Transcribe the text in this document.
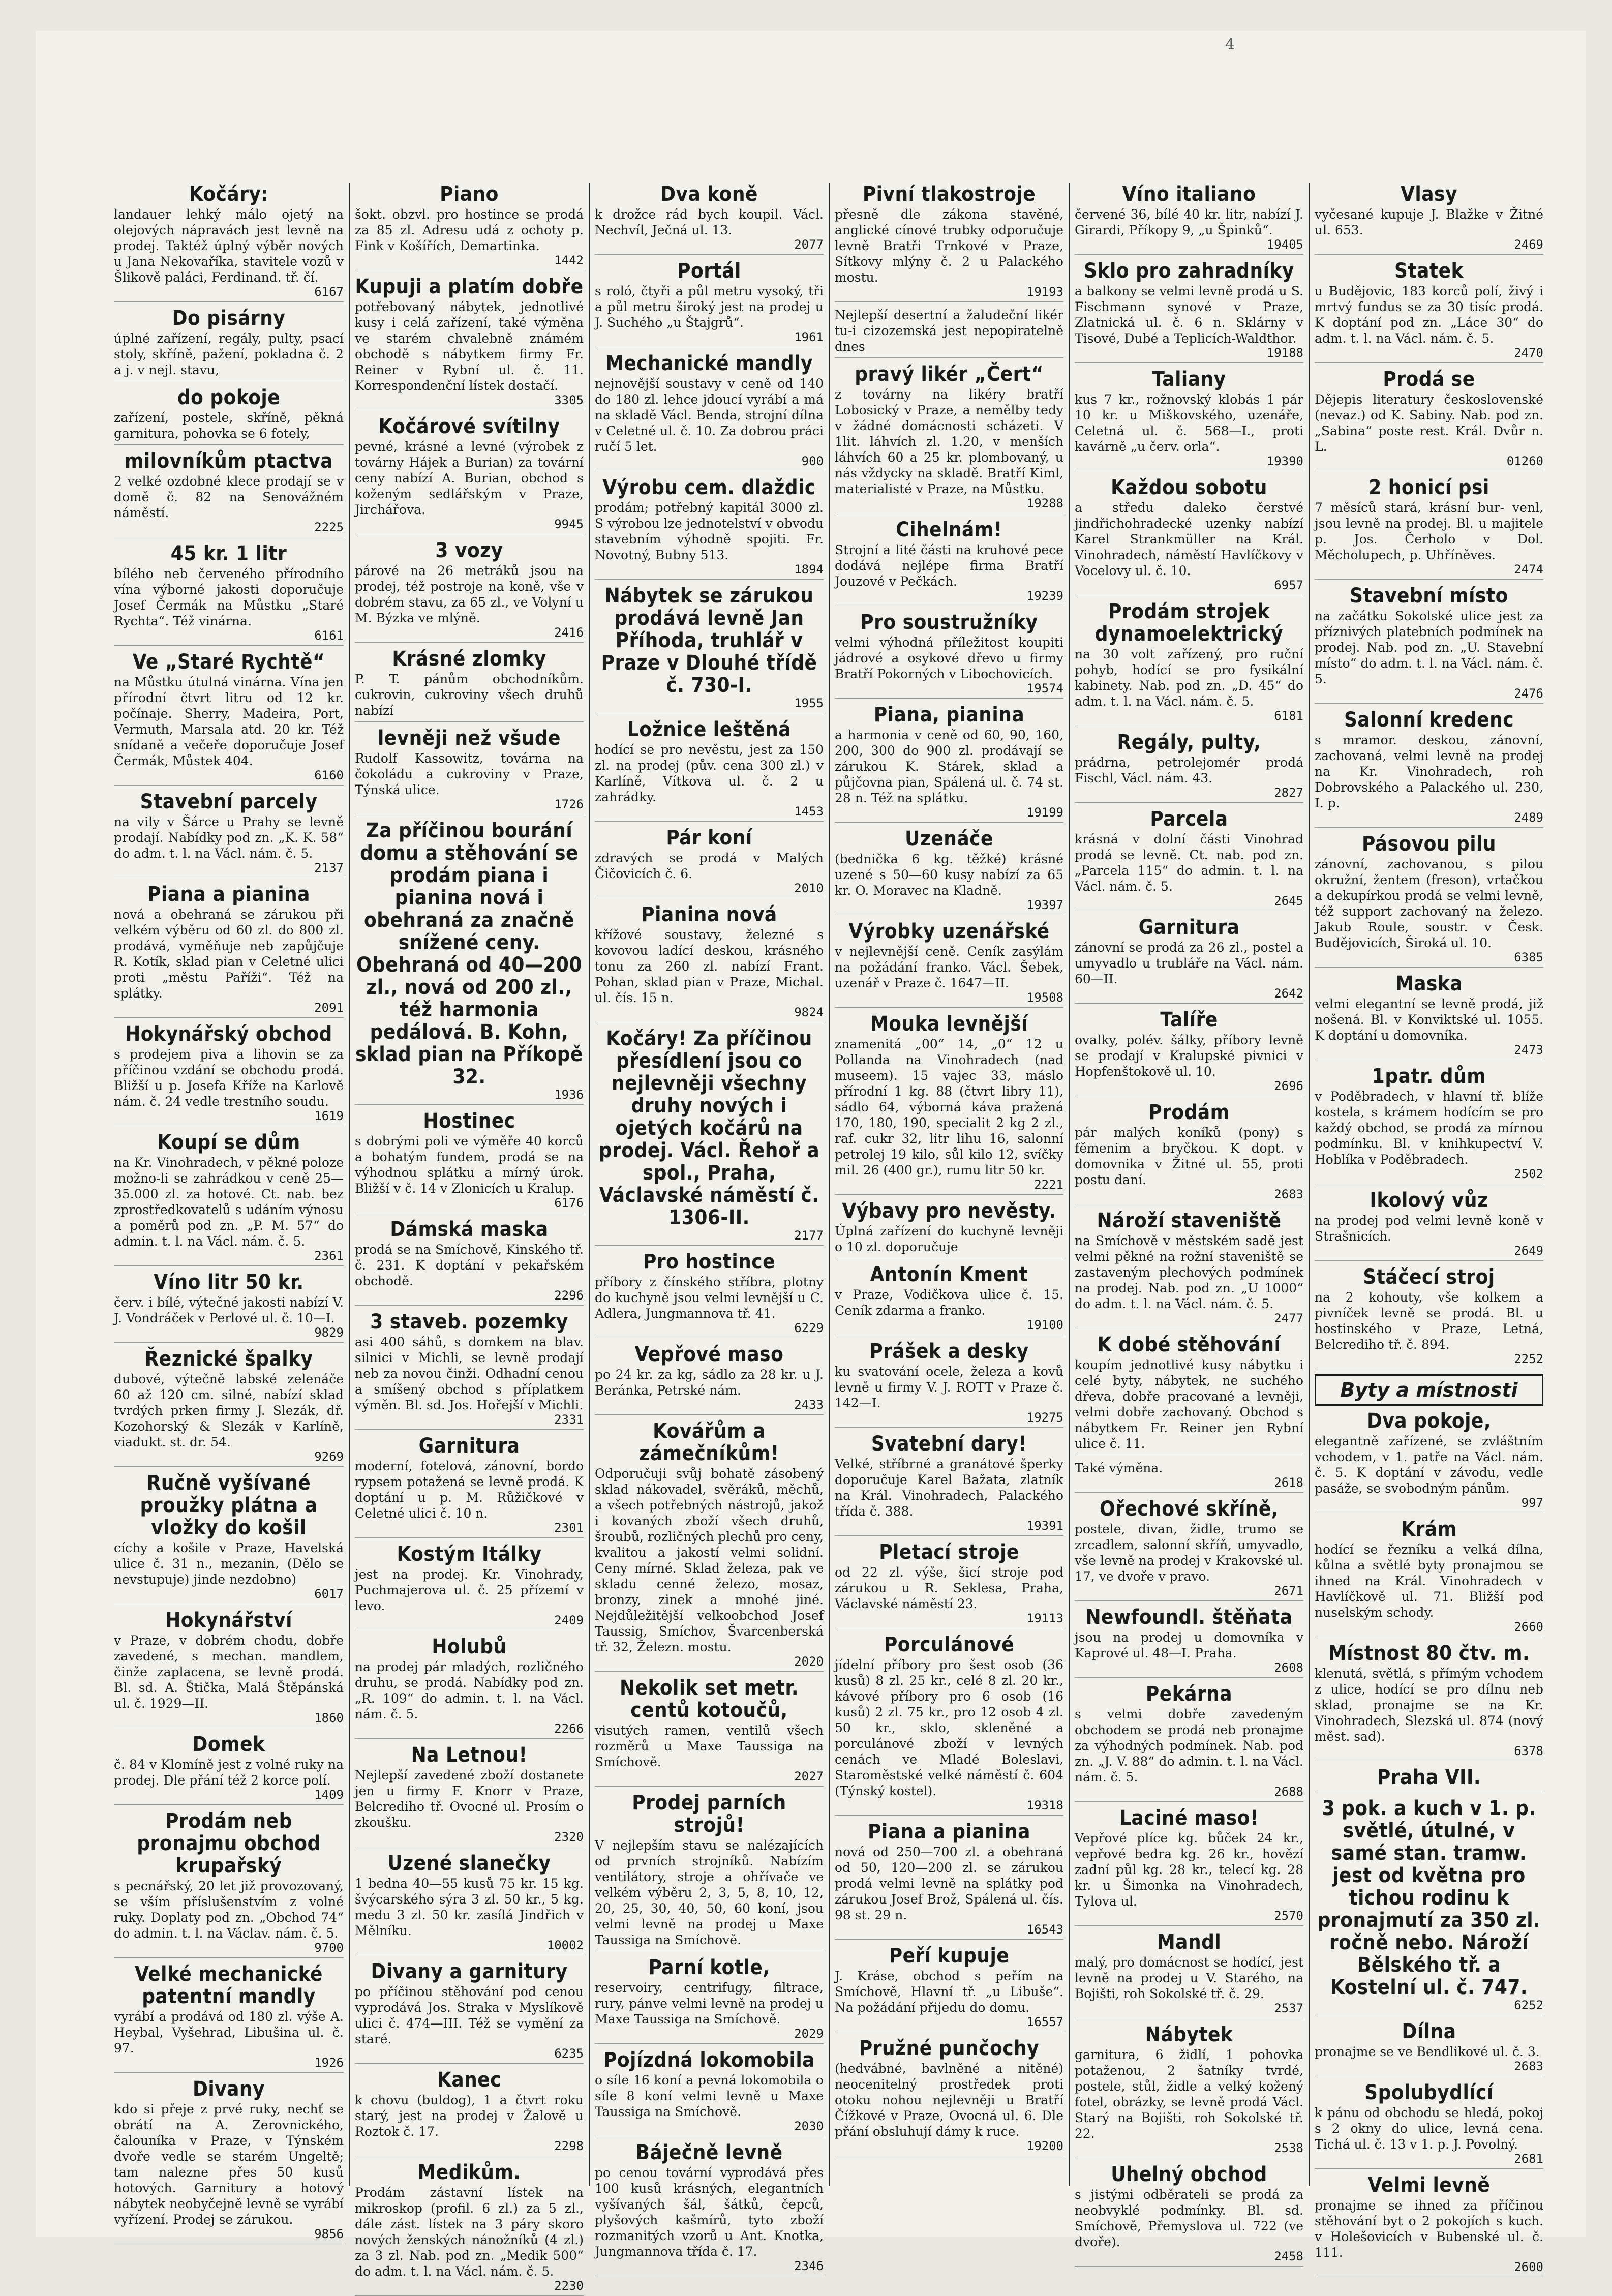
4
Kočáry:

landauer lehký málo ojetý na olejových nápravách jest levně na prodej. Taktéž úplný výběr nových u Jana Nekovaříka, stavitele vozů v Šlikově paláci, Ferdinand. tř. čí.

6167
Do pisárny

úplné zařízení, regály, pulty, psací stoly, skříně, pažení, pokladna č. 2 a j. v nejl. stavu,

do pokoje

zařízení, postele, skříně, pěkná garnitura, pohovka se 6 fotely,

milovníkům ptactva

2 velké ozdobné klece prodají se v domě č. 82 na Senovážném náměstí.

2225
45 kr. 1 litr

bílého neb červeného přírodního vína výborné jakosti doporučuje Josef Čermák na Můstku „Staré Rychta“. Též vinárna.

6161
Ve „Staré Rychtě“

na Můstku útulná vinárna. Vína jen přírodní čtvrt litru od 12 kr. počínaje. Sherry, Madeira, Port, Vermuth, Marsala atd. 20 kr. Též snídaně a večeře doporučuje Josef Čermák, Můstek 404.

6160
Stavební parcely

na vily v Šárce u Prahy se levně prodají. Nabídky pod zn. „K. K. 58“ do adm. t. l. na Václ. nám. č. 5.

2137
Piana a pianina

nová a obehraná se zárukou při velkém výběru od 60 zl. do 800 zl. prodává, vyměňuje neb zapůjčuje R. Kotík, sklad pian v Celetné ulici proti „městu Paříži“. Též na splátky.

2091
Hokynářský obchod

s prodejem piva a lihovin se za příčinou vzdání se obchodu prodá. Bližší u p. Josefa Kříže na Karlově nám. č. 24 vedle trestního soudu.

1619
Koupí se dům

na Kr. Vinohradech, v pěkné poloze možno-li se zahrádkou v ceně 25—35.000 zl. za hotové. Ct. nab. bez zprostředkovatelů s udáním výnosu a poměrů pod zn. „P. M. 57“ do admin. t. l. na Václ. nám. č. 5.

2361
Víno litr 50 kr.

červ. i bílé, výtečné jakosti nabízí V. J. Vondráček v Perlové ul. č. 10—I.

9829
Řeznické špalky

dubové, výtečně labské zelenáče 60 až 120 cm. silné, nabízí sklad tvrdých prken firmy J. Slezák, dř. Kozohorský & Slezák v Karlíně, viadukt. st. dr. 54.

9269
Ručně vyšívané proužky plátna a vložky do košil

cíchy a košile v Praze, Havelská ulice č. 31 n., mezanin, (Dělo se nevstupuje) jinde nezdobno)

6017
Hokynářství

v Praze, v dobrém chodu, dobře zavedené, s mechan. mandlem, činže zaplacena, se levně prodá. Bl. sd. A. Štička, Malá Štěpánská ul. č. 1929—II.

1860
Domek

č. 84 v Klomíně jest z volné ruky na prodej. Dle přání též 2 korce polí.

1409
Prodám neb pronajmu obchod krupařský

s pecnářský, 20 let již provozovaný, se vším příslušenstvím z volné ruky. Doplaty pod zn. „Obchod 74“ do admin. t. l. na Václav. nám. č. 5.

9700
Velké mechanické patentní mandly

vyrábí a prodává od 180 zl. výše A. Heybal, Vyšehrad, Libušina ul. č. 97.

1926
Divany

kdo si přeje z prvé ruky, nechť se obrátí na A. Zerovnického, čalouníka v Praze, v Týnském dvoře vedle se starém Ungeltě; tam nalezne přes 50 kusů hotových. Garnitury a hotový nábytek neobyčejně levně se vyrábí vyřízení. Prodej se zárukou.

9856
Piano

šokt. obzvl. pro hostince se prodá za 85 zl. Adresu udá z ochoty p. Fink v Košířích, Demartinka.

1442
Kupuji a platím dobře

potřebovaný nábytek, jednotlivé kusy i celá zařízení, také výměna ve starém chvalebně známém obchodě s nábytkem firmy Fr. Reiner v Rybní ul. č. 11. Korrespondenční lístek dostačí.

3305
Kočárové svítilny

pevné, krásné a levné (výrobek z továrny Hájek a Burian) za tovární ceny nabízí A. Burian, obchod s koženým sedlářským v Praze, Jirchářova.

9945
3 vozy

párové na 26 metráků jsou na prodej, též postroje na koně, vše v dobrém stavu, za 65 zl., ve Volyní u M. Býzka ve mlýně.

2416
Krásné zlomky

P. T. pánům obchodníkům. cukrovin, cukroviny všech druhů nabízí

levněji než všude

Rudolf Kassowitz, továrna na čokoládu a cukroviny v Praze, Týnská ulice.

1726
Za příčinou bourání domu a stěhování se prodám piana i pianina nová i obehraná za značně snížené ceny. Obehraná od 40—200 zl., nová od 200 zl., též harmonia pedálová. B. Kohn, sklad pian na Příkopě 32.
1936
Hostinec

s dobrými poli ve výměře 40 korců a bohatým fundem, prodá se na výhodnou splátku a mírný úrok. Bližší v č. 14 v Zlonicích u Kralup.

6176
Dámská maska

prodá se na Smíchově, Kinského tř. č. 231. K doptání v pekařském obchodě.

2296
3 staveb. pozemky

asi 400 sáhů, s domkem na blav. silnici v Michli, se levně prodají neb za novou činži. Odhadní cenou a smíšený obchod s příplatkem výměn. Bl. sd. Jos. Hořejší v Michli.

2331
Garnitura

moderní, fotelová, zánovní, bordo rypsem potažená se levně prodá. K doptání u p. M. Růžičkové v Celetné ulici č. 10 n.

2301
Kostým Itálky

jest na prodej. Kr. Vinohrady, Puchmajerova ul. č. 25 přízemí v levo.

2409
Holubů

na prodej pár mladých, rozličného druhu, se prodá. Nabídky pod zn. „R. 109“ do admin. t. l. na Václ. nám. č. 5.

2266
Na Letnou!

Nejlepší zavedené zboží dostanete jen u firmy F. Knorr v Praze, Belcrediho tř. Ovocné ul. Prosím o zkoušku.

2320
Uzené slanečky

1 bedna 40—55 kusů 75 kr. 15 kg. švýcarského sýra 3 zl. 50 kr., 5 kg. medu 3 zl. 50 kr. zasílá Jindřich v Mělníku.

10002
Divany a garnitury

po příčinou stěhování pod cenou vyprodává Jos. Straka v Myslíkově ulici č. 474—III. Též se vymění za staré.

6235
Kanec

k chovu (buldog), 1 a čtvrt roku starý, jest na prodej v Žalově u Roztok č. 17.

2298
Medikům.

Prodám zástavní lístek na mikroskop (profil. 6 zl.) za 5 zl., dále zást. lístek na 3 páry skoro nových ženských nánožníků (4 zl.) za 3 zl. Nab. pod zn. „Medik 500“ do adm. t. l. na Václ. nám. č. 5.

2230
Dva koně

k drožce rád bych koupil. Václ. Nechvíl, Ječná ul. 13.

2077
Portál

s roló, čtyři a půl metru vysoký, tři a půl metru široký jest na prodej u J. Suchého „u Štajgrů“.

1961
Mechanické mandly

nejnovější soustavy v ceně od 140 do 180 zl. lehce jdoucí vyrábí a má na skladě Václ. Benda, strojní dílna v Celetné ul. č. 10. Za dobrou práci ručí 5 let.

900
Výrobu cem. dlaždic

prodám; potřebný kapitál 3000 zl. S výrobou lze jednotelství v obvodu stavebním výhodně spojiti. Fr. Novotný, Bubny 513.

1894
Nábytek se zárukou prodává levně Jan Příhoda, truhlář v Praze v Dlouhé třídě č. 730-I.
1955
Ložnice leštěná

hodící se pro nevěstu, jest za 150 zl. na prodej (pův. cena 300 zl.) v Karlíně, Vítkova ul. č. 2 u zahrádky.

1453
Pár koní

zdravých se prodá v Malých Čičovicích č. 6.

2010
Pianina nová

křížové soustavy, železné s kovovou ladící deskou, krásného tonu za 260 zl. nabízí Frant. Pohan, sklad pian v Praze, Michal. ul. čís. 15 n.

9824
Kočáry! Za příčinou přesídlení jsou co nejlevněji všechny druhy nových i ojetých kočárů na prodej. Václ. Řehoř a spol., Praha, Václavské náměstí č. 1306-II.
2177
Pro hostince

příbory z čínského stříbra, plotny do kuchyně jsou velmi levnější u C. Adlera, Jungmannova tř. 41.

6229
Vepřové maso

po 24 kr. za kg, sádlo za 28 kr. u J. Beránka, Petrské nám.

2433
Kovářům a zámečníkům!

Odporučuji svůj bohatě zásobený sklad nákovadel, svěráků, měchů, a všech potřebných nástrojů, jakož i kovaných zboží všech druhů, šroubů, rozličných plechů pro ceny, kvalitou a jakostí velmi solidní. Ceny mírné. Sklad železa, pak ve skladu cenné železo, mosaz, bronzy, zinek a mnohé jiné. Nejdůležitější velkoobchod Josef Taussig, Smíchov, Švarcenberská tř. 32, Železn. mostu.

2020
Nekolik set metr. centů kotoučů,

visutých ramen, ventilů všech rozměrů u Maxe Taussiga na Smíchově.

2027
Prodej parních strojů!

V nejlepším stavu se nalézajících od prvních strojníků. Nabízím ventilátory, stroje a ohřívače ve velkém výběru 2, 3, 5, 8, 10, 12, 20, 25, 30, 40, 50, 60 koní, jsou velmi levně na prodej u Maxe Taussiga na Smíchově.

Parní kotle,

reservoiry, centrifugy, filtrace, rury, pánve velmi levně na prodej u Maxe Taussiga na Smíchově.

2029
Pojízdná lokomobila

o síle 16 koní a pevná lokomobila o síle 8 koní velmi levně u Maxe Taussiga na Smíchově.

2030
Báječně levně

po cenou tovární vyprodává přes 100 kusů krásných, elegantních vyšívaných šál, šátků, čepců, plyšových kašmírů, tyto zboží rozmanitých vzorů u Ant. Knotka, Jungmannova třída č. 17.

2346
Pivní tlakostroje

přesně dle zákona stavěné, anglické cínové trubky odporučuje levně Bratři Trnkové v Praze, Sítkovy mlýny č. 2 u Palackého mostu.

19193

Nejlepší desertní a žaludeční likér tu-i cizozemská jest nepopiratelně dnes

pravý likér „Čert“

z továrny na likéry bratří Lobosický v Praze, a nemělby tedy v žádné domácnosti scházeti. V 1lit. láhvích zl. 1.20, v menších láhvích 60 a 25 kr. plombovaný, u nás vždycky na skladě. Bratří Kiml, materialisté v Praze, na Můstku.

19288
Cihelnám!

Strojní a lité části na kruhové pece dodává nejlépe firma Bratří Jouzové v Pečkách.

19239
Pro soustružníky

velmi výhodná příležitost koupiti jádrové a osykové dřevo u firmy Bratří Pokorných v Libochovicích.

19574
Piana, pianina

a harmonia v ceně od 60, 90, 160, 200, 300 do 900 zl. prodávají se zárukou K. Stárek, sklad a půjčovna pian, Spálená ul. č. 74 st. 28 n. Též na splátku.

19199
Uzenáče

(bednička 6 kg. těžké) krásné uzené s 50—60 kusy nabízí za 65 kr. O. Moravec na Kladně.

19397
Výrobky uzenářské

v nejlevnější ceně. Ceník zasýlám na požádání franko. Václ. Šebek, uzenář v Praze č. 1647—II.

19508
Mouka levnější

znamenitá „00“ 14, „0“ 12 u Pollanda na Vinohradech (nad museem). 15 vajec 33, máslo přírodní 1 kg. 88 (čtvrt libry 11), sádlo 64, výborná káva pražená 170, 180, 190, specialit 2 kg 2 zl., raf. cukr 32, litr lihu 16, salonní petrolej 19 kilo, sůl kilo 12, svíčky mil. 26 (400 gr.), rumu litr 50 kr.

2221
Výbavy pro nevěsty.

Úplná zařízení do kuchyně levněji o 10 zl. doporučuje

Antonín Kment

v Praze, Vodičkova ulice č. 15. Ceník zdarma a franko.

19100
Prášek a desky

ku svatování ocele, železa a kovů levně u firmy V. J. ROTT v Praze č. 142—I.

19275
Svatební dary!

Velké, stříbrné a granátové šperky doporučuje Karel Bažata, zlatník na Král. Vinohradech, Palackého třída č. 388.

19391
Pletací stroje

od 22 zl. výše, šicí stroje pod zárukou u R. Seklesa, Praha, Václavské náměstí 23.

19113
Porculánové

jídelní příbory pro šest osob (36 kusů) 8 zl. 25 kr., celé 8 zl. 20 kr., kávové příbory pro 6 osob (16 kusů) 2 zl. 75 kr., pro 12 osob 4 zl. 50 kr., sklo, skleněné a porculánové zboží v levných cenách ve Mladé Boleslavi, Staroměstské velké náměstí č. 604 (Týnský kostel).

19318
Piana a pianina

nová od 250—700 zl. a obehraná od 50, 120—200 zl. se zárukou prodá velmi levně na splátky pod zárukou Josef Brož, Spálená ul. čís. 98 st. 29 n.

16543
Peří kupuje

J. Kráse, obchod s peřím na Smíchově, Hlavní tř. „u Libuše“. Na požádání přijedu do domu.

16557
Pružné punčochy

(hedvábné, bavlněné a nitěné) neocenitelný prostředek proti otoku nohou nejlevněji u Bratří Čížkové v Praze, Ovocná ul. 6. Dle přání obsluhují dámy k ruce.

19200
Víno italiano

červené 36, bílé 40 kr. litr, nabízí J. Girardi, Příkopy 9, „u Špinků“.

19405
Sklo pro zahradníky

a balkony se velmi levně prodá u S. Fischmann synové v Praze, Zlatnická ul. č. 6 n. Sklárny v Tisové, Dubé a Teplicích-Waldthor.

19188
Taliany

kus 7 kr., rožnovský klobás 1 pár 10 kr. u Miškovského, uzenáře, Celetná ul. č. 568—I., proti kavárně „u červ. orla“.

19390
Každou sobotu

a středu daleko čerstvé jindřichohradecké uzenky nabízí Karel Strankmüller na Král. Vinohradech, náměstí Havlíčkovy v Vocelovy ul. č. 10.

6957
Prodám strojek dynamoelektrický

na 30 volt zařízený, pro ruční pohyb, hodící se pro fysikální kabinety. Nab. pod zn. „D. 45“ do adm. t. l. na Václ. nám. č. 5.

6181
Regály, pulty,

prádrna, petrolejomér prodá Fischl, Václ. nám. 43.

2827
Parcela

krásná v dolní části Vinohrad prodá se levně. Ct. nab. pod zn. „Parcela 115“ do admin. t. l. na Václ. nám. č. 5.

2645
Garnitura

zánovní se prodá za 26 zl., postel a umyvadlo u trubláře na Václ. nám. 60—II.

2642
Talíře

ovalky, polév. šálky, příbory levně se prodají v Kralupské pivnici v Hopfenštokově ul. 10.

2696
Prodám

pár malých koníků (pony) s fěmenim a bryčkou. K dopt. v domovnika v Žitné ul. 55, proti postu daní.

2683
Nároží staveniště

na Smíchově v městském sadě jest velmi pěkné na rožní staveniště se zastaveným plechových podmínek na prodej. Nab. pod zn. „U 1000“ do adm. t. l. na Václ. nám. č. 5.

2477
K dobé stěhování

koupím jednotlivé kusy nábytku i celé byty, nábytek, ne suchého dřeva, dobře pracované a levněji, velmi dobře zachovaný. Obchod s nábytkem Fr. Reiner jen Rybní ulice č. 11.

Také výměna.

2618
Ořechové skříně,

postele, divan, židle, trumo se zrcadlem, salonní skříň, umyvadlo, vše levně na prodej v Krakovské ul. 17, ve dvoře v pravo.

2671
Newfoundl. štěňata

jsou na prodej u domovníka v Kaprové ul. 48—I. Praha.

2608
Pekárna

s velmi dobře zavedeným obchodem se prodá neb pronajme za výhodných podmínek. Nab. pod zn. „J. V. 88“ do admin. t. l. na Václ. nám. č. 5.

2688
Laciné maso!

Vepřové plíce kg. bůček 24 kr., vepřové bedra kg. 26 kr., hovězí zadní půl kg. 28 kr., telecí kg. 28 kr. u Šimonka na Vinohradech, Tylova ul.

2570
Mandl

malý, pro domácnost se hodící, jest levně na prodej u V. Starého, na Bojišti, roh Sokolské tř. č. 29.

2537
Nábytek

garnitura, 6 židlí, 1 pohovka potaženou, 2 šatníky tvrdé, postele, stůl, židle a velký kožený fotel, obrázky, se levně prodá Václ. Starý na Bojišti, roh Sokolské tř. 22.

2538
Uhelný obchod

s jistými odběrateli se prodá za neobvyklé podmínky. Bl. sd. Smíchově, Přemyslova ul. 722 (ve dvoře).

2458
Vlasy

vyčesané kupuje J. Blažke v Žitné ul. 653.

2469
Statek

u Budějovic, 183 korců polí, živý i mrtvý fundus se za 30 tisíc prodá. K doptání pod zn. „Láce 30“ do adm. t. l. na Václ. nám. č. 5.

2470
Prodá se

Dějepis literatury československé (nevaz.) od K. Sabiny. Nab. pod zn. „Sabina“ poste rest. Král. Dvůr n. L.

01260
2 honicí psi

7 měsíců stará, krásní bur- venl, jsou levně na prodej. Bl. u majitele p. Jos. Čerholo v Dol. Měcholupech, p. Uhříněves.

2474
Stavební místo

na začátku Sokolské ulice jest za příznivých platebních podmínek na prodej. Nab. pod zn. „U. Stavební místo“ do adm. t. l. na Václ. nám. č. 5.

2476
Salonní kredenc

s mramor. deskou, zánovní, zachovaná, velmi levně na prodej na Kr. Vinohradech, roh Dobrovského a Palackého ul. 230, I. p.

2489
Pásovou pilu

zánovní, zachovanou, s pilou okružní, žentem (freson), vrtačkou a dekupírkou prodá se velmi levně, též support zachovaný na železo. Jakub Roule, soustr. v Česk. Budějovicích, Široká ul. 10.

6385
Maska

velmi elegantní se levně prodá, již nošená. Bl. v Konviktské ul. 1055. K doptání u domovníka.

2473
1patr. dům

v Poděbradech, v hlavní tř. blíže kostela, s krámem hodícím se pro každý obchod, se prodá za mírnou podmínku. Bl. v knihkupectví V. Hoblíka v Poděbradech.

2502
Ikolový vůz

na prodej pod velmi levně koně v Strašnicích.

2649
Stáčecí stroj

na 2 kohouty, vše kolkem a pivníček levně se prodá. Bl. u hostinského v Praze, Letná, Belcrediho tř. č. 894.

2252
Byty a místnosti
Dva pokoje,

elegantně zařízené, se zvláštním vchodem, v 1. patře na Václ. nám. č. 5. K doptání v závodu, vedle pasáže, se svobodným pánům.

997
Krám

hodící se řezníku a velká dílna, kůlna a světlé byty pronajmou se ihned na Král. Vinohradech v Havlíčkově ul. 71. Bližší pod nuselským schody.

2660
Místnost 80 čtv. m.

klenutá, světlá, s přímým vchodem z ulice, hodící se pro dílnu neb sklad, pronajme se na Kr. Vinohradech, Slezská ul. 874 (nový měst. sad).

6378
Praha VII.
3 pok. a kuch v 1. p. světlé, útulné, v samé stan. tramw. jest od května pro tichou rodinu k pronajmutí za 350 zl. ročně nebo. Nároží Bělského tř. a Kostelní ul. č. 747.
6252
Dílna

pronajme se ve Bendlikové ul. č. 3.

2683
Spolubydlící

k pánu od obchodu se hledá, pokoj s 2 okny do ulice, levná cena. Tichá ul. č. 13 v 1. p. J. Povolný.

2681
Velmi levně

pronajme se ihned za příčinou stěhování byt o 2 pokojích s kuch. v Holešovicích v Bubenské ul. č. 111.

2600
